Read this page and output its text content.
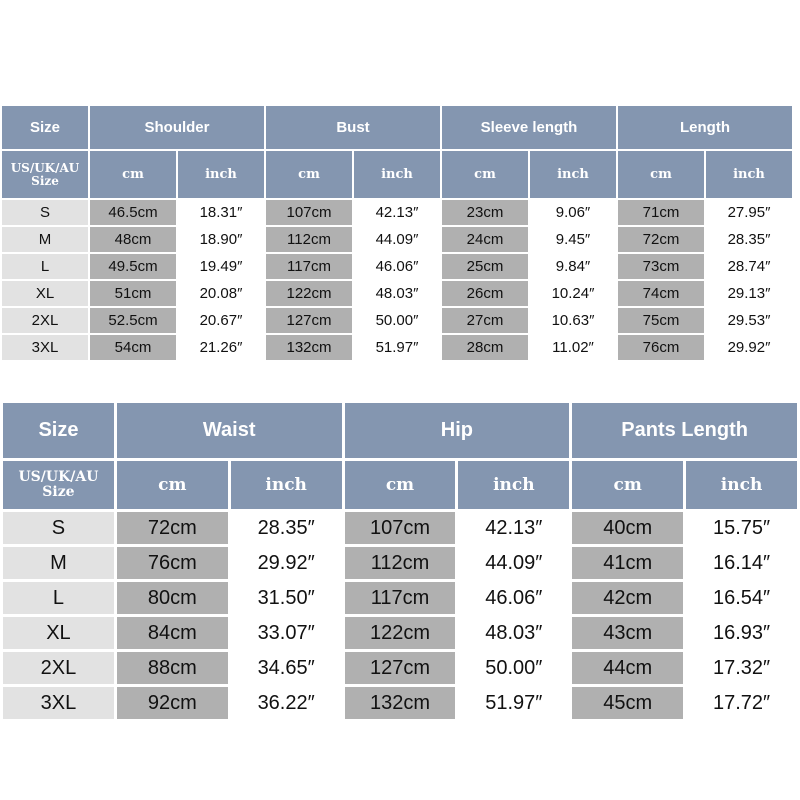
Size	Shoulder		Bust		Sleeve length		Length	
US/UK/AU
Size	cm	inch	cm	inch	cm	inch	cm	inch
S	46.5cm	18.31″	107cm	42.13″	23cm	9.06″	71cm	27.95″
M	48cm	18.90″	112cm	44.09″	24cm	9.45″	72cm	28.35″
L	49.5cm	19.49″	117cm	46.06″	25cm	9.84″	73cm	28.74″
XL	51cm	20.08″	122cm	48.03″	26cm	10.24″	74cm	29.13″
2XL	52.5cm	20.67″	127cm	50.00″	27cm	10.63″	75cm	29.53″
3XL	54cm	21.26″	132cm	51.97″	28cm	11.02″	76cm	29.92″
Size	Waist		Hip		Pants Length	
US/UK/AU
Size	cm	inch	cm	inch	cm	inch
S	72cm	28.35″	107cm	42.13″	40cm	15.75″
M	76cm	29.92″	112cm	44.09″	41cm	16.14″
L	80cm	31.50″	117cm	46.06″	42cm	16.54″
XL	84cm	33.07″	122cm	48.03″	43cm	16.93″
2XL	88cm	34.65″	127cm	50.00″	44cm	17.32″
3XL	92cm	36.22″	132cm	51.97″	45cm	17.72″
